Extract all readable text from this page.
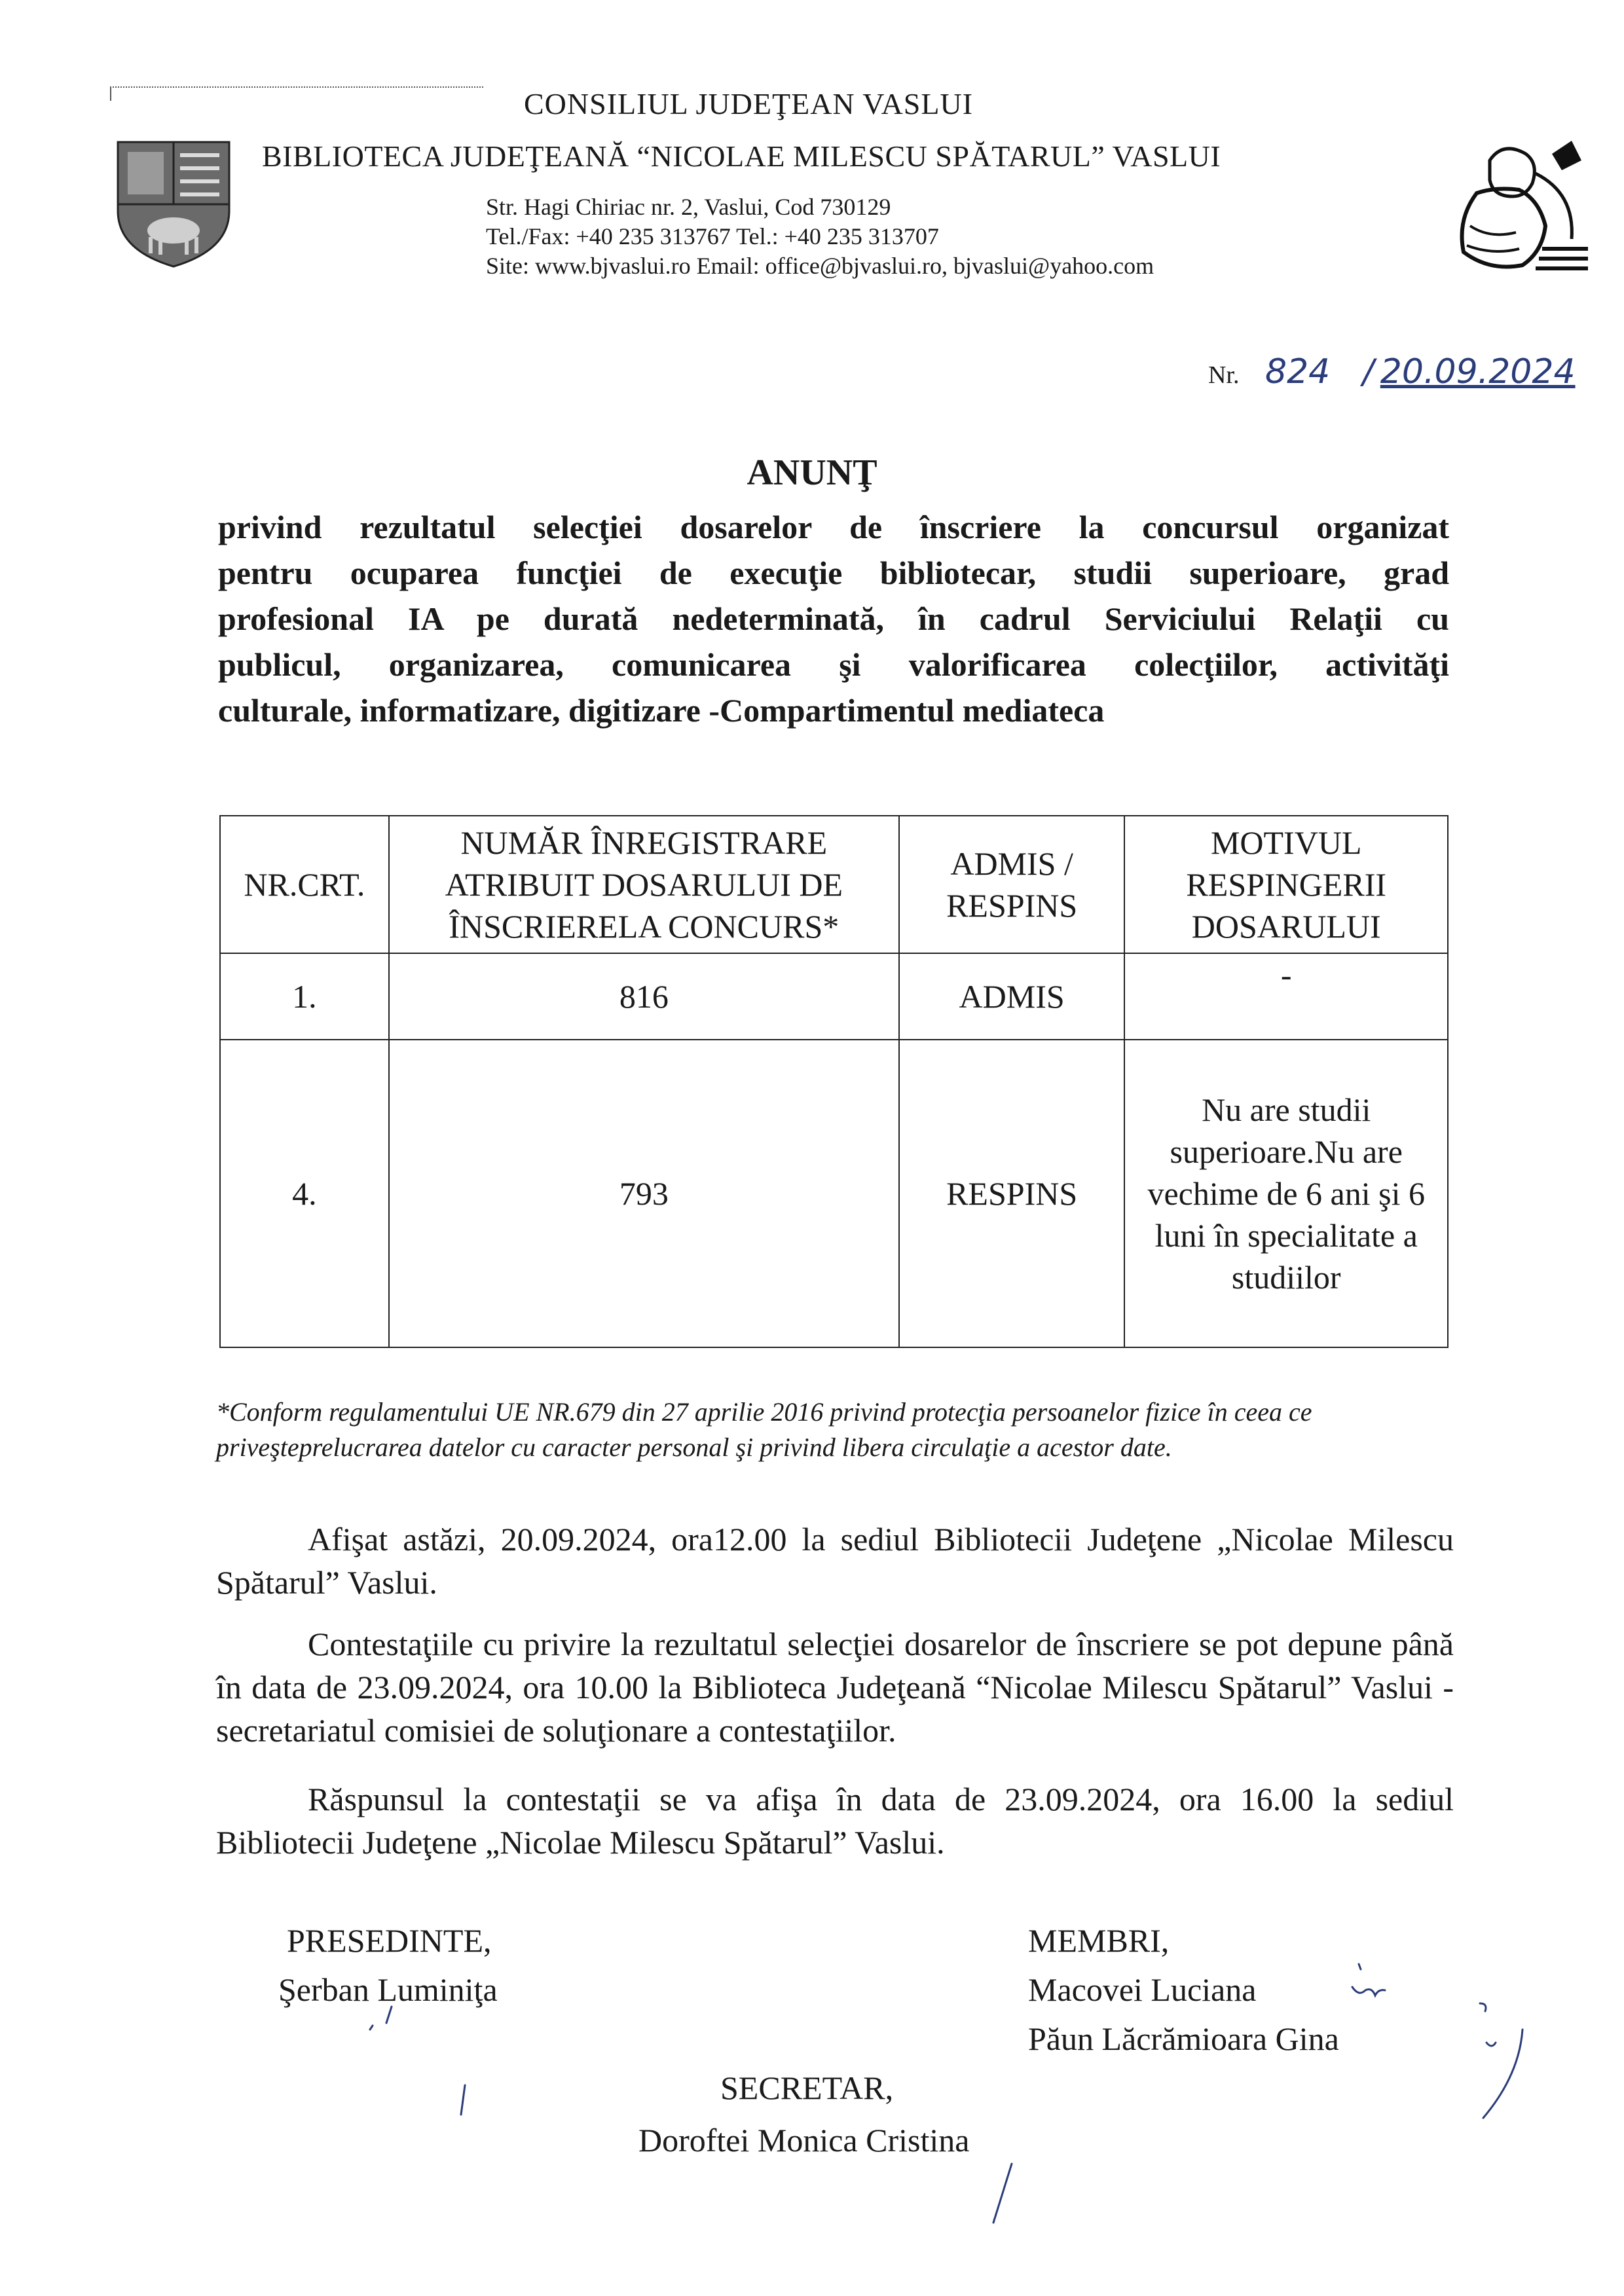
CONSILIUL JUDEŢEAN VASLUI
BIBLIOTECA JUDEŢEANĂ “NICOLAE MILESCU SPĂTARUL” VASLUI
Str. Hagi Chiriac nr. 2, Vaslui, Cod 730129
Tel./Fax: +40 235 313767 Tel.: +40 235 313707
Site: www.bjvaslui.ro Email: office@bjvaslui.ro, bjvaslui@yahoo.com
Nr. 824 / 20.09.2024
ANUNŢ
privind rezultatul selecţiei dosarelor de înscriere la concursul organizat
pentru ocuparea funcţiei de execuţie bibliotecar, studii superioare, grad
profesional IA pe durată nedeterminată, în cadrul Serviciului Relaţii cu
publicul, organizarea, comunicarea şi valorificarea colecţiilor, activităţi
culturale, informatizare, digitizare -Compartimentul mediateca
NR.CRT.	NUMĂR ÎNREGISTRARE ATRIBUIT DOSARULUI DE ÎNSCRIERELA CONCURS*	ADMIS / RESPINS	MOTIVUL RESPINGERII DOSARULUI
1.	816	ADMIS	-
4.	793	RESPINS	Nu are studii superioare.Nu are vechime de 6 ani şi 6 luni în specialitate a studiilor
*Conform regulamentului UE NR.679 din 27 aprilie 2016 privind protecţia persoanelor fizice în ceea ce priveşteprelucrarea datelor cu caracter personal şi privind libera circulaţie a acestor date.
Afişat astăzi, 20.09.2024, ora12.00 la sediul Bibliotecii Judeţene „Nicolae Milescu Spătarul” Vaslui.
Contestaţiile cu privire la rezultatul selecţiei dosarelor de înscriere se pot depune până în data de 23.09.2024, ora 10.00 la Biblioteca Judeţeană “Nicolae Milescu Spătarul” Vaslui - secretariatul comisiei de soluţionare a contestaţiilor.
Răspunsul la contestaţii se va afişa în data de 23.09.2024, ora 16.00 la sediul Bibliotecii Judeţene „Nicolae Milescu Spătarul” Vaslui.
PRESEDINTE,
Şerban Luminiţa
MEMBRI,
Macovei Luciana
Păun Lăcrămioara Gina
SECRETAR,
Doroftei Monica Cristina
